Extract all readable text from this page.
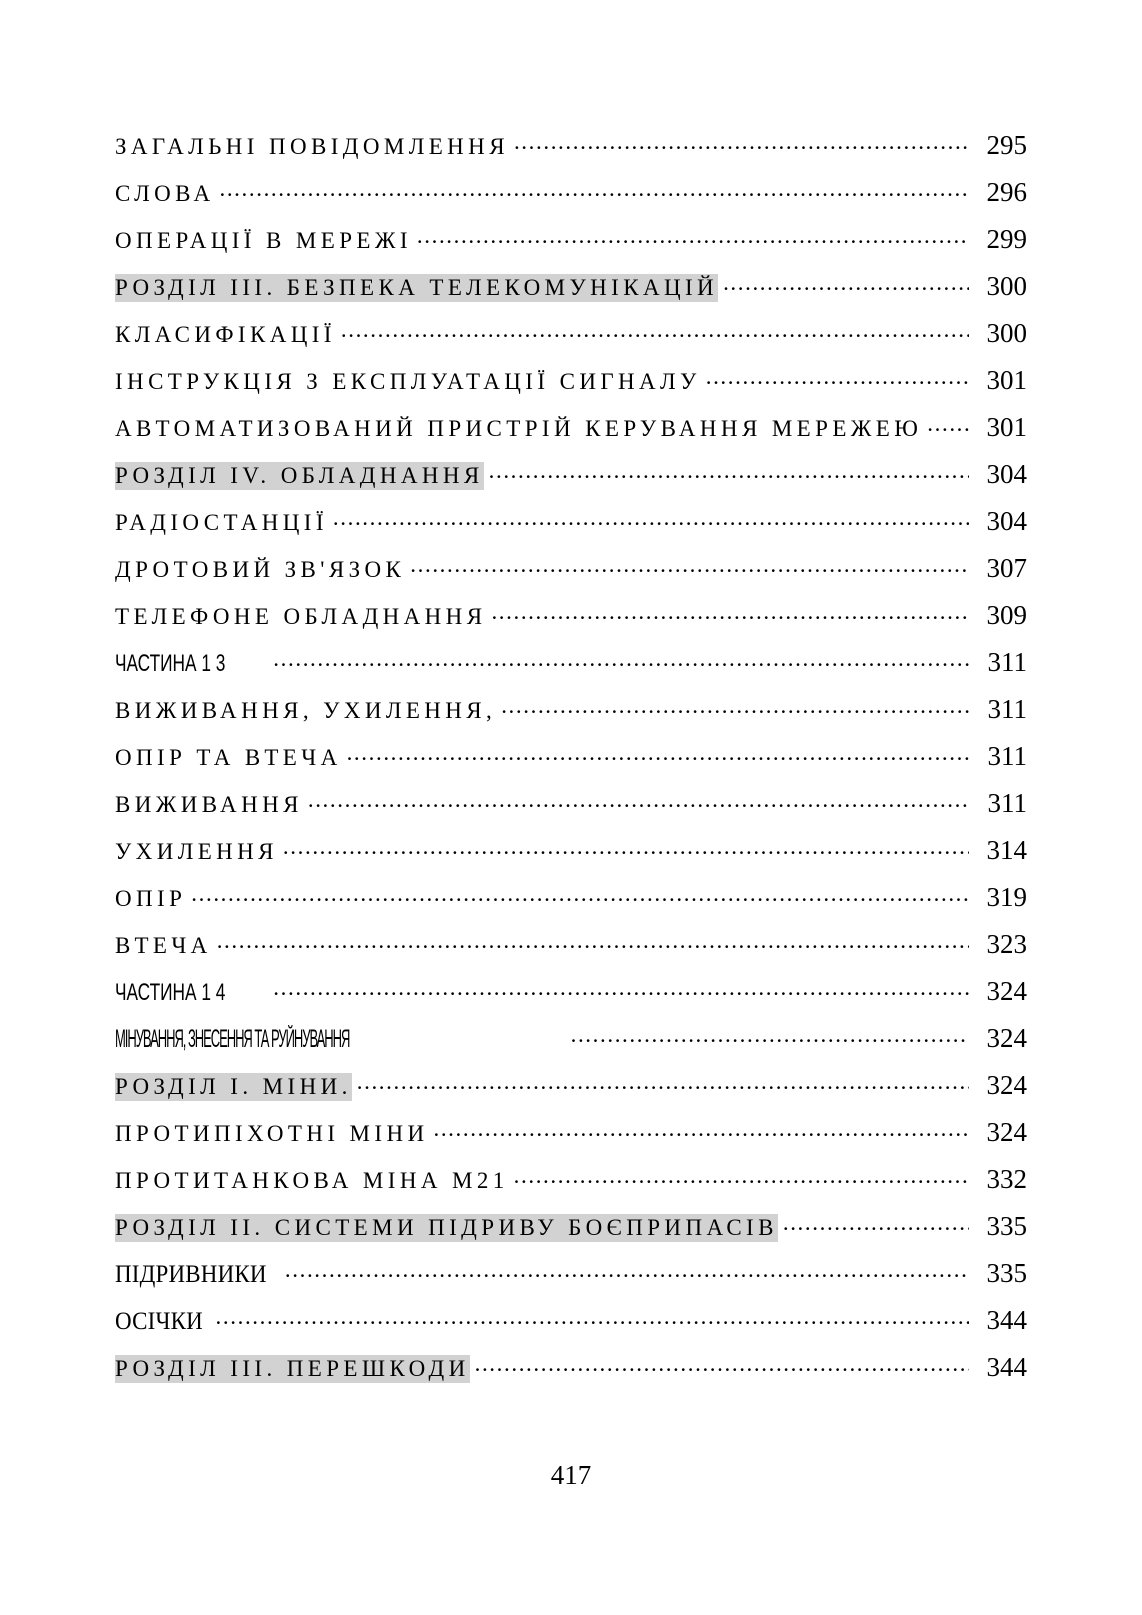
ЗАГАЛЬНІ ПОВІДОМЛЕННЯ .....	295
СЛОВА .....	296
ОПЕРАЦІЇ В МЕРЕЖІ .....	299
РОЗДІЛ III. БЕЗПЕКА ТЕЛЕКОМУНІКАЦІЙ .....	300
КЛАСИФІКАЦІЇ .....	300
ІНСТРУКЦІЯ З ЕКСПЛУАТАЦІЇ СИГНАЛУ .....	301
АВТОМАТИЗОВАНИЙ ПРИСТРІЙ КЕРУВАННЯ МЕРЕЖЕЮ .....	301
РОЗДІЛ IV. ОБЛАДНАННЯ .....	304
РАДІОСТАНЦІЇ .....	304
ДРОТОВИЙ ЗВ'ЯЗОК .....	307
ТЕЛЕФОНЕ ОБЛАДНАННЯ .....	309
ЧАСТИНА 1 3 .....	311
ВИЖИВАННЯ, УХИЛЕННЯ, .....	311
ОПІР ТА ВТЕЧА .....	311
ВИЖИВАННЯ .....	311
УХИЛЕННЯ .....	314
ОПІР .....	319
ВТЕЧА .....	323
ЧАСТИНА 1 4 .....	324
МІНУВАННЯ, ЗНЕСЕННЯ ТА РУЙНУВАННЯ .....	324
РОЗДІЛ I. МІНИ. .....	324
ПРОТИПІХОТНІ МІНИ .....	324
ПРОТИТАНКОВА МІНА М21 .....	332
РОЗДІЛ II. СИСТЕМИ ПІДРИВУ БОЄПРИПАСІВ .....	335
ПІДРИВНИКИ .....	335
ОСІЧКИ .....	344
РОЗДІЛ III. ПЕРЕШКОДИ .....	344
417
